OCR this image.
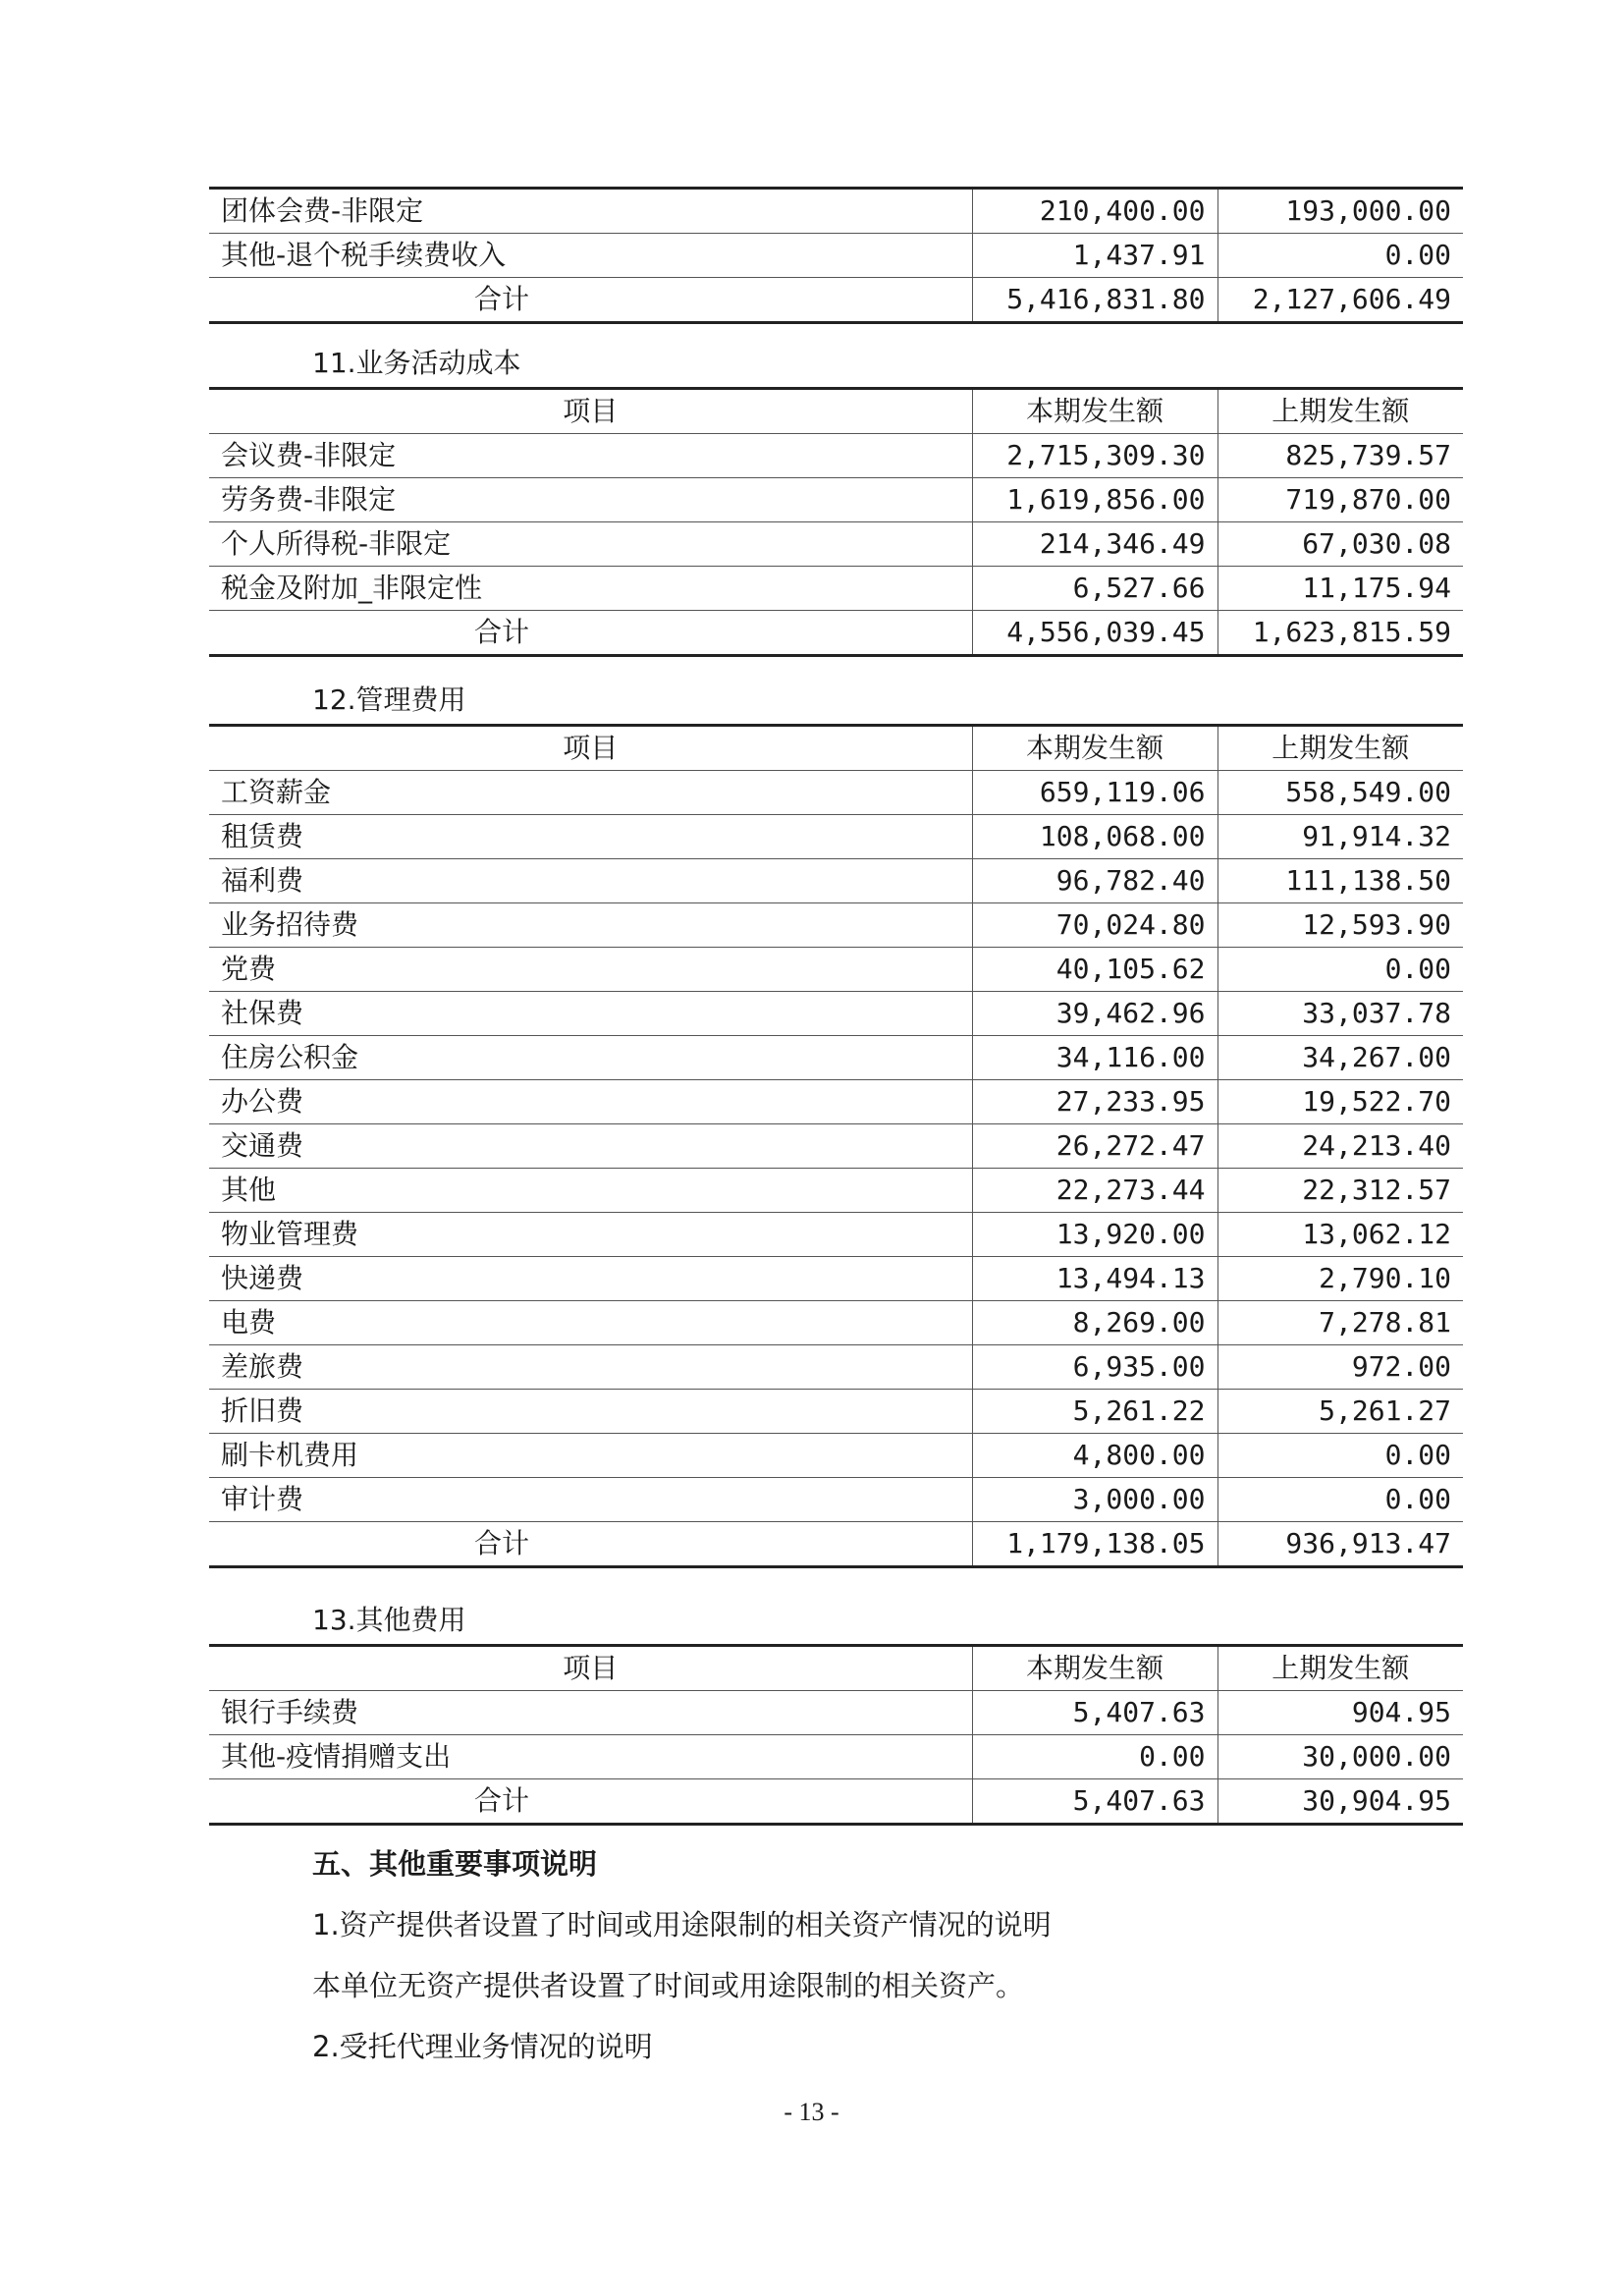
团体会费-非限定	210,400.00	193,000.00
其他-退个税手续费收入	1,437.91	0.00
合计	5,416,831.80	2,127,606.49
11.业务活动成本
项目	本期发生额	上期发生额
会议费-非限定	2,715,309.30	825,739.57
劳务费-非限定	1,619,856.00	719,870.00
个人所得税-非限定	214,346.49	67,030.08
税金及附加_非限定性	6,527.66	11,175.94
合计	4,556,039.45	1,623,815.59
12.管理费用
项目	本期发生额	上期发生额
工资薪金	659,119.06	558,549.00
租赁费	108,068.00	91,914.32
福利费	96,782.40	111,138.50
业务招待费	70,024.80	12,593.90
党费	40,105.62	0.00
社保费	39,462.96	33,037.78
住房公积金	34,116.00	34,267.00
办公费	27,233.95	19,522.70
交通费	26,272.47	24,213.40
其他	22,273.44	22,312.57
物业管理费	13,920.00	13,062.12
快递费	13,494.13	2,790.10
电费	8,269.00	7,278.81
差旅费	6,935.00	972.00
折旧费	5,261.22	5,261.27
刷卡机费用	4,800.00	0.00
审计费	3,000.00	0.00
合计	1,179,138.05	936,913.47
13.其他费用
项目	本期发生额	上期发生额
银行手续费	5,407.63	904.95
其他-疫情捐赠支出	0.00	30,000.00
合计	5,407.63	30,904.95
五、其他重要事项说明
1.资产提供者设置了时间或用途限制的相关资产情况的说明
本单位无资产提供者设置了时间或用途限制的相关资产。
2.受托代理业务情况的说明
- 13 -
